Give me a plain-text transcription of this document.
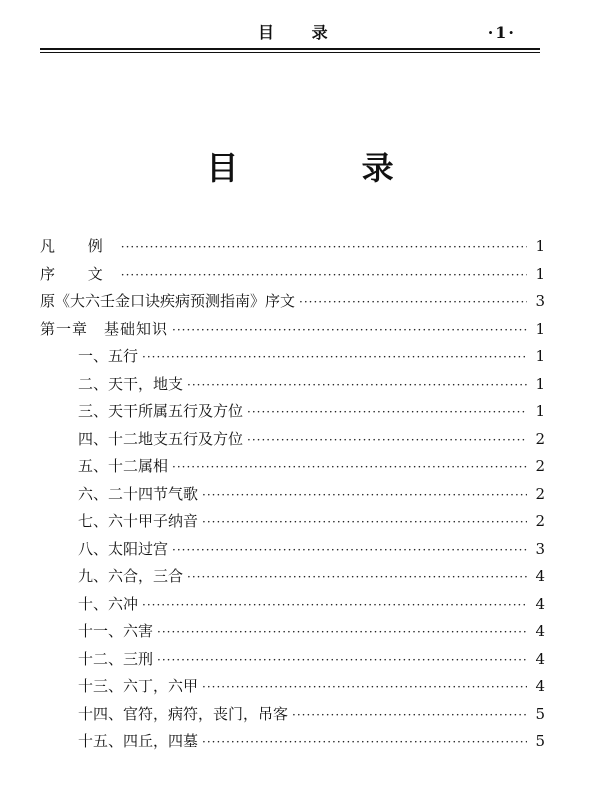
目 录	·1·
目 录
凡 例 ·····	1
序 文 ·····	1
原《大六壬金口诀疾病预测指南》序文 ·····	3
第一章　基础知识 ·····	1
一、五行 ·····	1
二、天干，地支 ·····	1
三、天干所属五行及方位 ·····	1
四、十二地支五行及方位 ·····	2
五、十二属相 ·····	2
六、二十四节气歌 ·····	2
七、六十甲子纳音 ·····	2
八、太阳过宫 ·····	3
九、六合，三合 ·····	4
十、六冲 ·····	4
十一、六害 ·····	4
十二、三刑 ·····	4
十三、六丁，六甲 ·····	4
十四、官符，病符，丧门，吊客 ·····	5
十五、四丘，四墓 ·····	5
